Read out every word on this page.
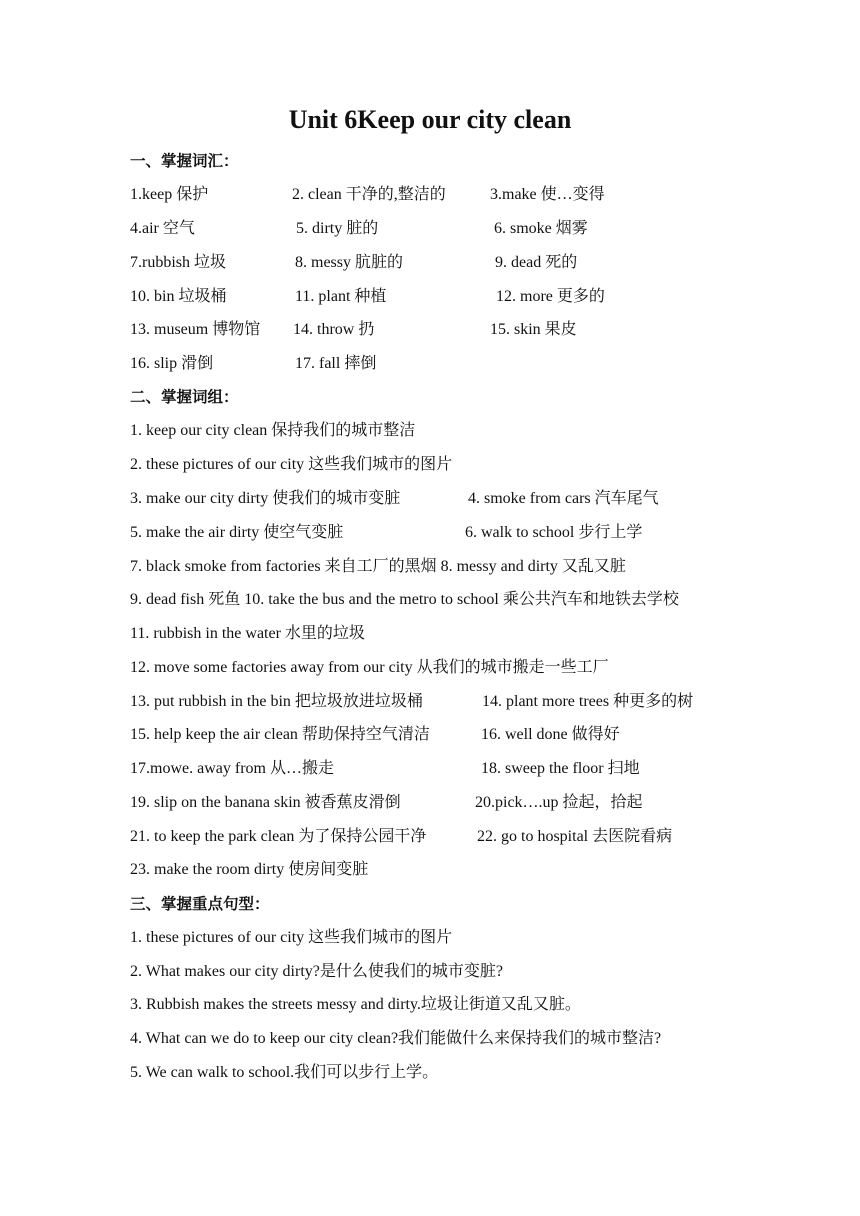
Unit 6Keep our city clean
一、掌握词汇：
1.keep 保护	2. clean 干净的,整洁的	3.make 使…变得
4.air 空气	5. dirty 脏的	6. smoke 烟雾
7.rubbish 垃圾	8. messy 肮脏的	9. dead 死的
10. bin 垃圾桶	11. plant 种植	12. more 更多的
13. museum 博物馆 14. throw 扔	15. skin 果皮
16. slip 滑倒	17. fall 摔倒
二、掌握词组：
1. keep our city clean 保持我们的城市整洁
2. these pictures of our city 这些我们城市的图片
3. make our city dirty 使我们的城市变脏	4. smoke from cars 汽车尾气
5. make the air dirty 使空气变脏	6. walk to school 步行上学
7. black smoke from factories 来自工厂的黑烟 8. messy and dirty 又乱又脏
9. dead fish 死鱼 10. take the bus and the metro to school 乘公共汽车和地铁去学校
11. rubbish in the water 水里的垃圾
12. move some factories away from our city 从我们的城市搬走一些工厂
13. put rubbish in the bin 把垃圾放进垃圾桶	14. plant more trees 种更多的树
15. help keep the air clean 帮助保持空气清洁	16. well done 做得好
17.mowe. away from 从…搬走	18. sweep the floor 扫地
19. slip on the banana skin 被香蕉皮滑倒	20.pick….up 捡起，拾起
21. to keep the park clean 为了保持公园干净	22. go to hospital 去医院看病
23. make the room dirty 使房间变脏
三、掌握重点句型：
1. these pictures of our city 这些我们城市的图片
2. What makes our city dirty?是什么使我们的城市变脏?
3. Rubbish makes the streets messy and dirty.垃圾让街道又乱又脏。
4. What can we do to keep our city clean?我们能做什么来保持我们的城市整洁?
5. We can walk to school.我们可以步行上学。
